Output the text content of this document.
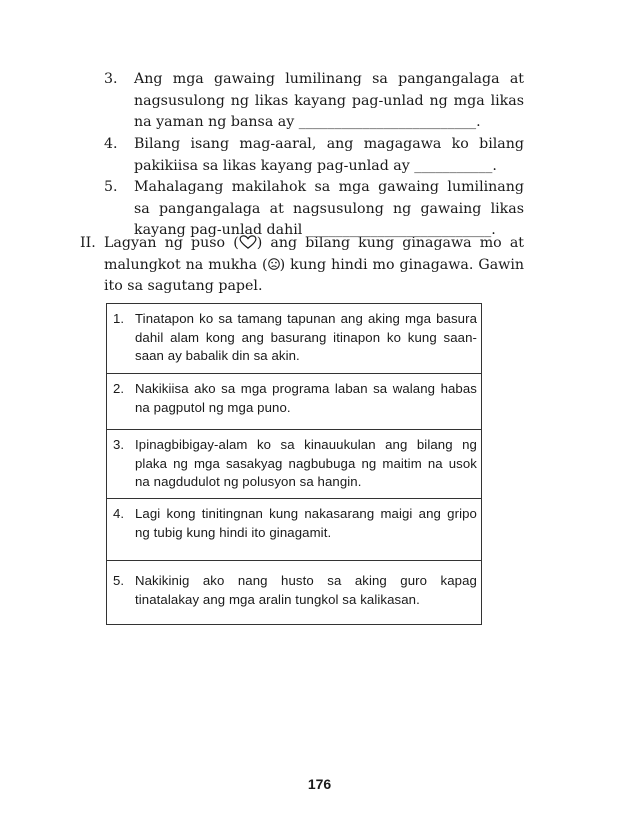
3.	Ang mga gawaing lumilinang sa pangangalaga at nagsusulong ng likas kayang pag-unlad ng mga likas na yaman ng bansa ay _________________________.
4.	Bilang isang mag-aaral, ang magagawa ko bilang pakikiisa sa likas kayang pag-unlad ay ___________.
5.	Mahalagang makilahok sa mga gawaing lumilinang sa pangangalaga at nagsusulong ng gawaing likas kayang pag-unlad dahil __________________________.
II. Lagyan ng puso ( ) ang bilang kung ginagawa mo at malungkot na mukha ( ) kung hindi mo ginagawa. Gawin ito sa sagutang papel.
1. Tinatapon ko sa tamang tapunan ang aking mga basura dahil alam kong ang basurang itinapon ko kung saan-saan ay babalik din sa akin.
2. Nakikiisa ako sa mga programa laban sa walang habas na pagputol ng mga puno.
3. Ipinagbibigay-alam ko sa kinauukulan ang bilang ng plaka ng mga sasakyag nagbubuga ng maitim na usok na nagdudulot ng polusyon sa hangin.
4. Lagi kong tinitingnan kung nakasarang maigi ang gripo ng tubig kung hindi ito ginagamit.
5. Nakikinig ako nang husto sa aking guro kapag tinatalakay ang mga aralin tungkol sa kalikasan.
176
